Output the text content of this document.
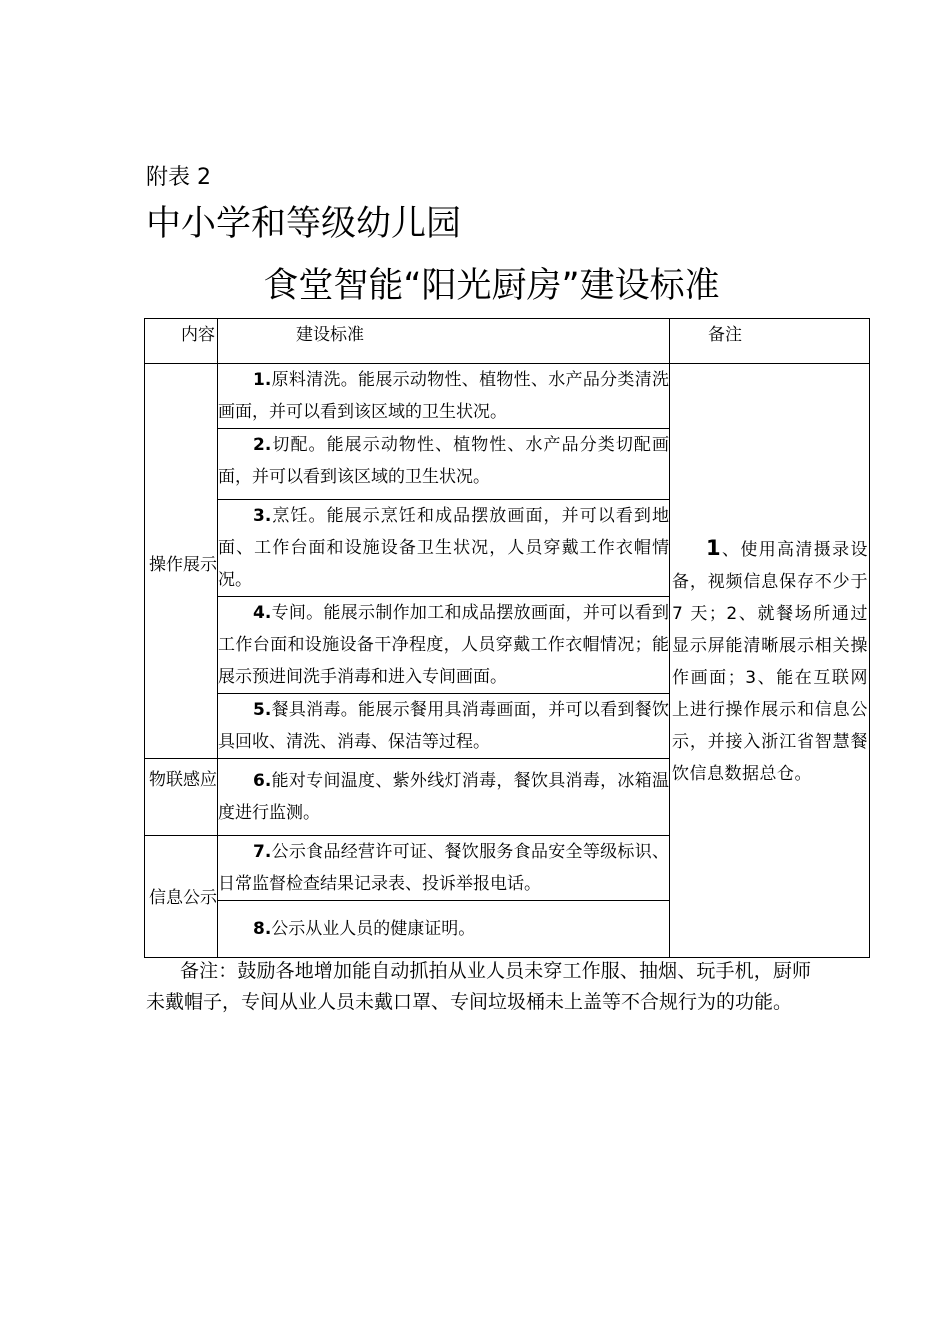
附表 2
中小学和等级幼儿园
食堂智能“阳光厨房”建设标准
内容	建设标准	备注
操作展示	1.原料清洗。能展示动物性、植物性、水产品分类清洗画面，并可以看到该区域的卫生状况。	1、使用高清摄录设备，视频信息保存不少于 7 天；2、就餐场所通过显示屏能清晰展示相关操作画面；3、能在互联网上进行操作展示和信息公示，并接入浙江省智慧餐饮信息数据总仓。

	2.切配。能展示动物性、植物性、水产品分类切配画面，并可以看到该区域的卫生状况。	

	3.烹饪。能展示烹饪和成品摆放画面，并可以看到地面、工作台面和设施设备卫生状况，人员穿戴工作衣帽情况。	

	4.专间。能展示制作加工和成品摆放画面，并可以看到工作台面和设施设备干净程度，人员穿戴工作衣帽情况；能展示预进间洗手消毒和进入专间画面。	

	5.餐具消毒。能展示餐用具消毒画面，并可以看到餐饮具回收、清洗、消毒、保洁等过程。	

物联感应	6.能对专间温度、紫外线灯消毒，餐饮具消毒，冰箱温度进行监测。	

信息公示	7.公示食品经营许可证、餐饮服务食品安全等级标识、日常监督检查结果记录表、投诉举报电话。	

	8.公示从业人员的健康证明。	
备注：鼓励各地增加能自动抓拍从业人员未穿工作服、抽烟、玩手机，厨师未戴帽子，专间从业人员未戴口罩、专间垃圾桶未上盖等不合规行为的功能。
